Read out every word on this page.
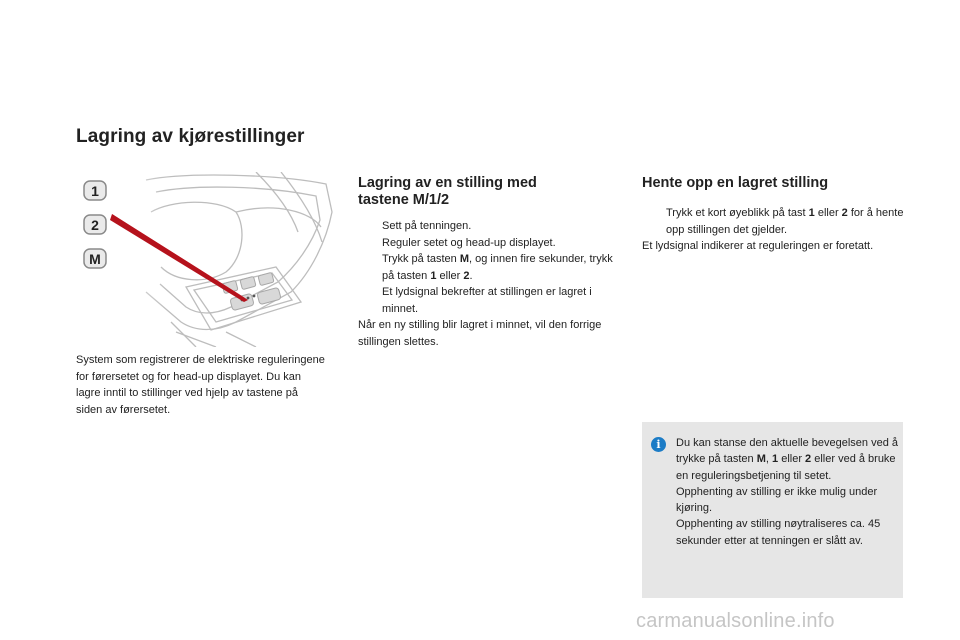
Lagring av kjørestillinger
1
2
M
System som registrerer de elektriske reguleringene for førersetet og for head-up displayet. Du kan lagre inntil to stillinger ved hjelp av tastene på siden av førersetet.
Lagring av en stilling med tastene M/1/2
Sett på tenningen.
Reguler setet og head-up displayet.
Trykk på tasten M, og innen fire sekunder, trykk på tasten 1 eller 2.
Et lydsignal bekrefter at stillingen er lagret i minnet.
Når en ny stilling blir lagret i minnet, vil den forrige stillingen slettes.
Hente opp en lagret stilling
Trykk et kort øyeblikk på tast 1 eller 2 for å hente opp stillingen det gjelder.
Et lydsignal indikerer at reguleringen er foretatt.
i	Du kan stanse den aktuelle bevegelsen ved å trykke på tasten M, 1 eller 2 eller ved å bruke en reguleringsbetjening til setet.
Opphenting av stilling er ikke mulig under kjøring.
Opphenting av stilling nøytraliseres ca. 45 sekunder etter at tenningen er slått av.
carmanualsonline.info
